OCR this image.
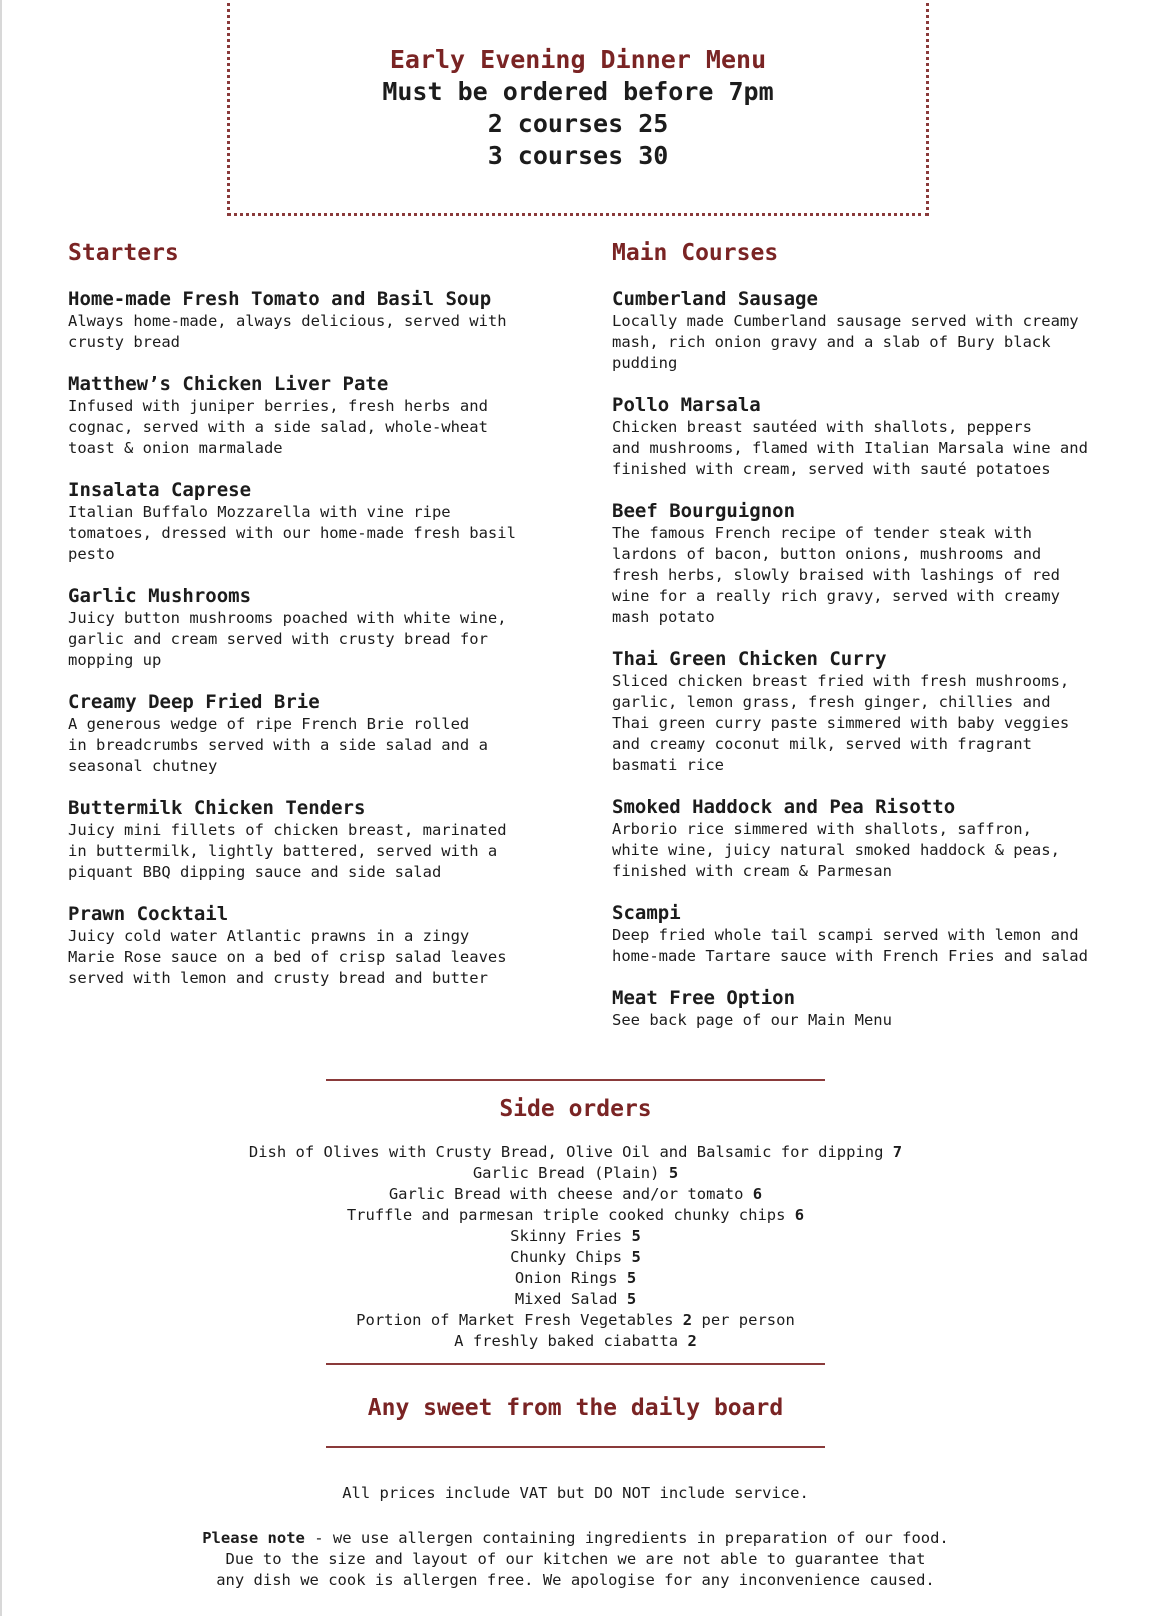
Early Evening Dinner Menu
Must be ordered before 7pm
2 courses 25
3 courses 30
Starters
Home-made Fresh Tomato and Basil Soup
Always home-made, always delicious, served with
crusty bread
Matthew’s Chicken Liver Pate
Infused with juniper berries, fresh herbs and
cognac, served with a side salad, whole-wheat
toast & onion marmalade
Insalata Caprese
Italian Buffalo Mozzarella with vine ripe
tomatoes, dressed with our home-made fresh basil
pesto
Garlic Mushrooms
Juicy button mushrooms poached with white wine,
garlic and cream served with crusty bread for
mopping up
Creamy Deep Fried Brie
A generous wedge of ripe French Brie rolled
in breadcrumbs served with a side salad and a
seasonal chutney
Buttermilk Chicken Tenders
Juicy mini fillets of chicken breast, marinated
in buttermilk, lightly battered, served with a
piquant BBQ dipping sauce and side salad
Prawn Cocktail
Juicy cold water Atlantic prawns in a zingy
Marie Rose sauce on a bed of crisp salad leaves
served with lemon and crusty bread and butter
Main Courses
Cumberland Sausage
Locally made Cumberland sausage served with creamy
mash, rich onion gravy and a slab of Bury black
pudding
Pollo Marsala
Chicken breast sautéed with shallots, peppers
and mushrooms, flamed with Italian Marsala wine and
finished with cream, served with sauté potatoes
Beef Bourguignon
The famous French recipe of tender steak with
lardons of bacon, button onions, mushrooms and
fresh herbs, slowly braised with lashings of red
wine for a really rich gravy, served with creamy
mash potato
Thai Green Chicken Curry
Sliced chicken breast fried with fresh mushrooms,
garlic, lemon grass, fresh ginger, chillies and
Thai green curry paste simmered with baby veggies
and creamy coconut milk, served with fragrant
basmati rice
Smoked Haddock and Pea Risotto
Arborio rice simmered with shallots, saffron,
white wine, juicy natural smoked haddock & peas,
finished with cream & Parmesan
Scampi
Deep fried whole tail scampi served with lemon and
home-made Tartare sauce with French Fries and salad
Meat Free Option
See back page of our Main Menu
Side orders
Dish of Olives with Crusty Bread, Olive Oil and Balsamic for dipping 7
Garlic Bread (Plain) 5
Garlic Bread with cheese and/or tomato 6
Truffle and parmesan triple cooked chunky chips 6
Skinny Fries 5
Chunky Chips 5
Onion Rings 5
Mixed Salad 5
Portion of Market Fresh Vegetables 2 per person
A freshly baked ciabatta 2
Any sweet from the daily board
All prices include VAT but DO NOT include service.
Please note - we use allergen containing ingredients in preparation of our food.
Due to the size and layout of our kitchen we are not able to guarantee that
any dish we cook is allergen free. We apologise for any inconvenience caused.
